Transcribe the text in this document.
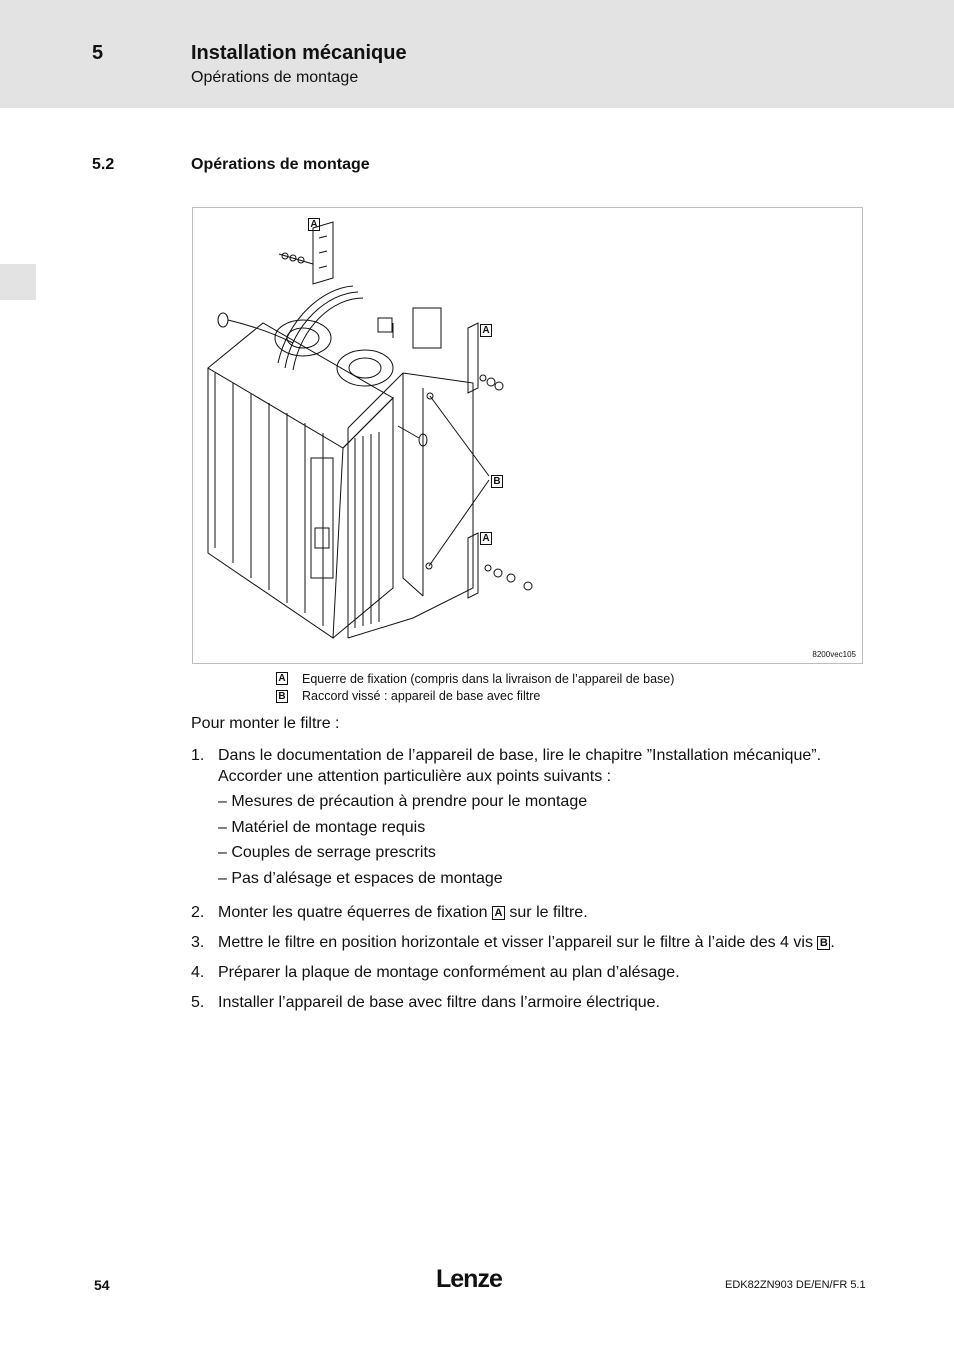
5	Installation mécanique
Opérations de montage
5.2	Opérations de montage
A
A
B
A
8200vec105
A Equerre de fixation (compris dans la livraison de l’appareil de base)
B Raccord vissé : appareil de base avec filtre
Pour monter le filtre :
1. Dans le documentation de l’appareil de base, lire le chapitre ”Installation mécanique”. Accorder une attention particulière aux points suivants :
– Mesures de précaution à prendre pour le montage
– Matériel de montage requis
– Couples de serrage prescrits
– Pas d’alésage et espaces de montage
2. Monter les quatre équerres de fixation A sur le filtre.
3. Mettre le filtre en position horizontale et visser l’appareil sur le filtre à l’aide des 4 vis B .
4. Préparer la plaque de montage conformément au plan d’alésage.
5. Installer l’appareil de base avec filtre dans l’armoire électrique.
54	Lenze	EDK82ZN903 DE/EN/FR 5.1
